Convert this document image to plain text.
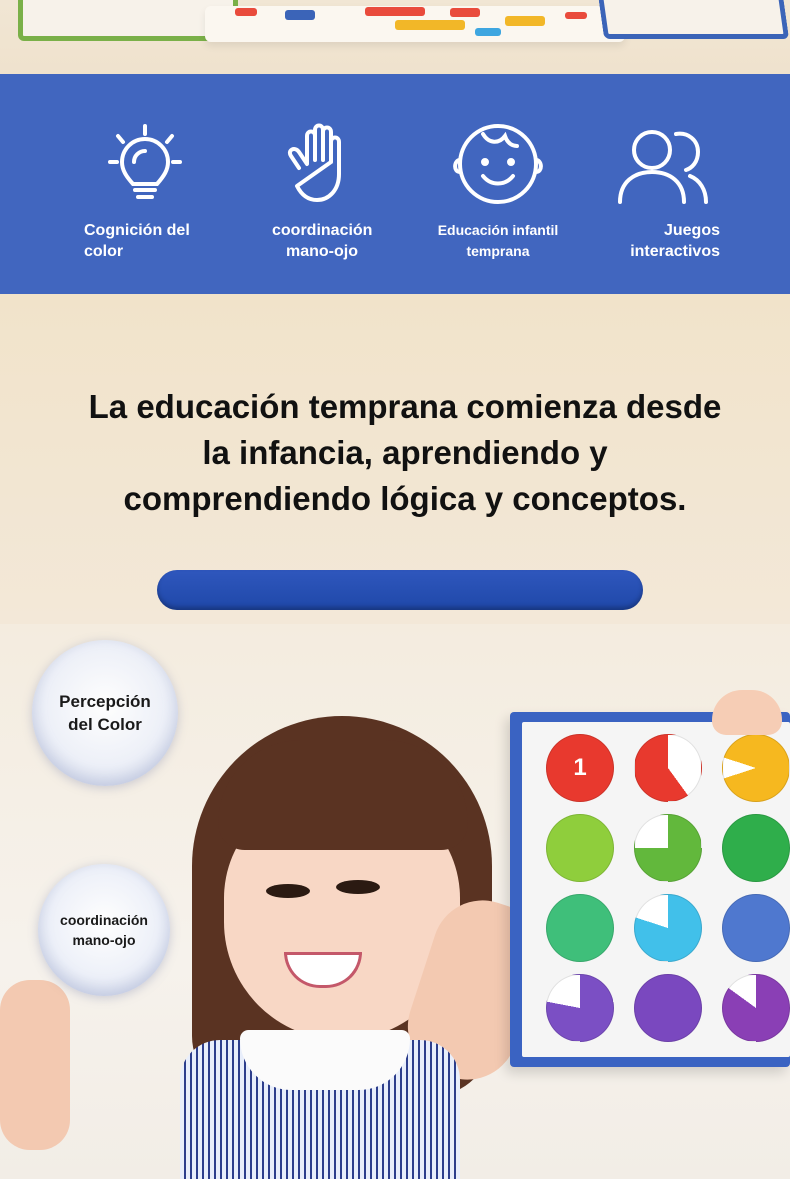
Cognición del
color
coordinación
mano-ojo
Educación infantil
temprana
Juegos
interactivos
La educación temprana comienza desde
la infancia, aprendiendo y
comprendiendo lógica y conceptos.
1
Percepción
del Color
coordinación
mano-ojo
